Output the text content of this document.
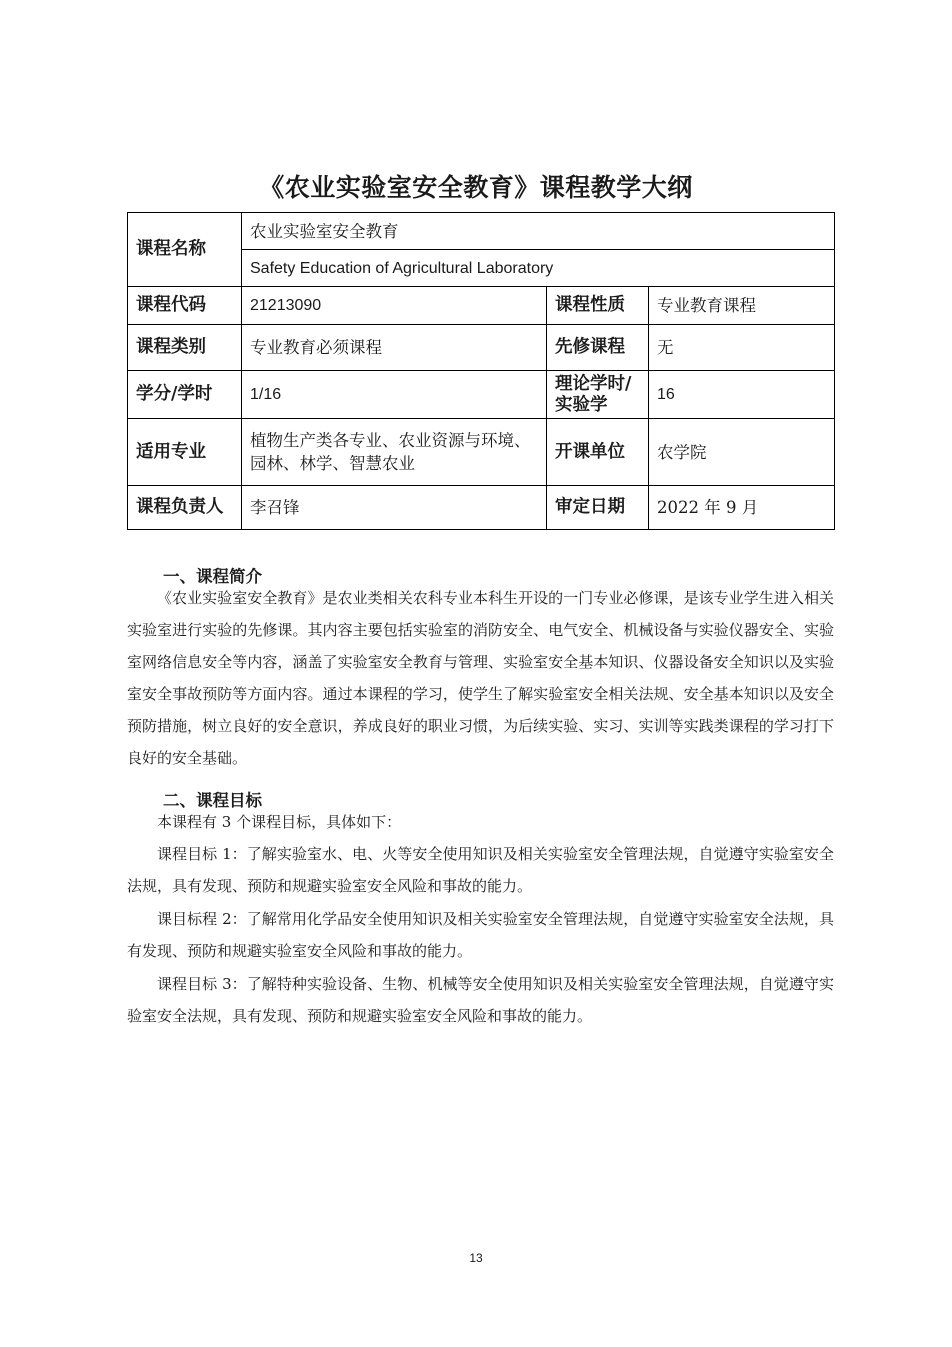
《农业实验室安全教育》课程教学大纲
课程名称	农业实验室安全教育		
	Safety Education of Agricultural Laboratory		
课程代码	21213090	课程性质	专业教育课程
课程类别	专业教育必须课程	先修课程	无
学分/学时	1/16	理论学时/实验学	16
适用专业	植物生产类各专业、农业资源与环境、园林、林学、智慧农业	开课单位	农学院
课程负责人	李召锋	审定日期	2022 年 9 月
一、课程简介

《农业实验室安全教育》是农业类相关农科专业本科生开设的一门专业必修课，是该专业学生进入相关实验室进行实验的先修课。其内容主要包括实验室的消防安全、电气安全、机械设备与实验仪器安全、实验室网络信息安全等内容，涵盖了实验室安全教育与管理、实验室安全基本知识、仪器设备安全知识以及实验室安全事故预防等方面内容。通过本课程的学习，使学生了解实验室安全相关法规、安全基本知识以及安全预防措施，树立良好的安全意识，养成良好的职业习惯，为后续实验、实习、实训等实践类课程的学习打下良好的安全基础。

二、课程目标

本课程有 3 个课程目标，具体如下：

课程目标 1：了解实验室水、电、火等安全使用知识及相关实验室安全管理法规，自觉遵守实验室安全法规，具有发现、预防和规避实验室安全风险和事故的能力。

课目标程 2：了解常用化学品安全使用知识及相关实验室安全管理法规，自觉遵守实验室安全法规，具有发现、预防和规避实验室安全风险和事故的能力。

课程目标 3：了解特种实验设备、生物、机械等安全使用知识及相关实验室安全管理法规，自觉遵守实验室安全法规，具有发现、预防和规避实验室安全风险和事故的能力。

13
